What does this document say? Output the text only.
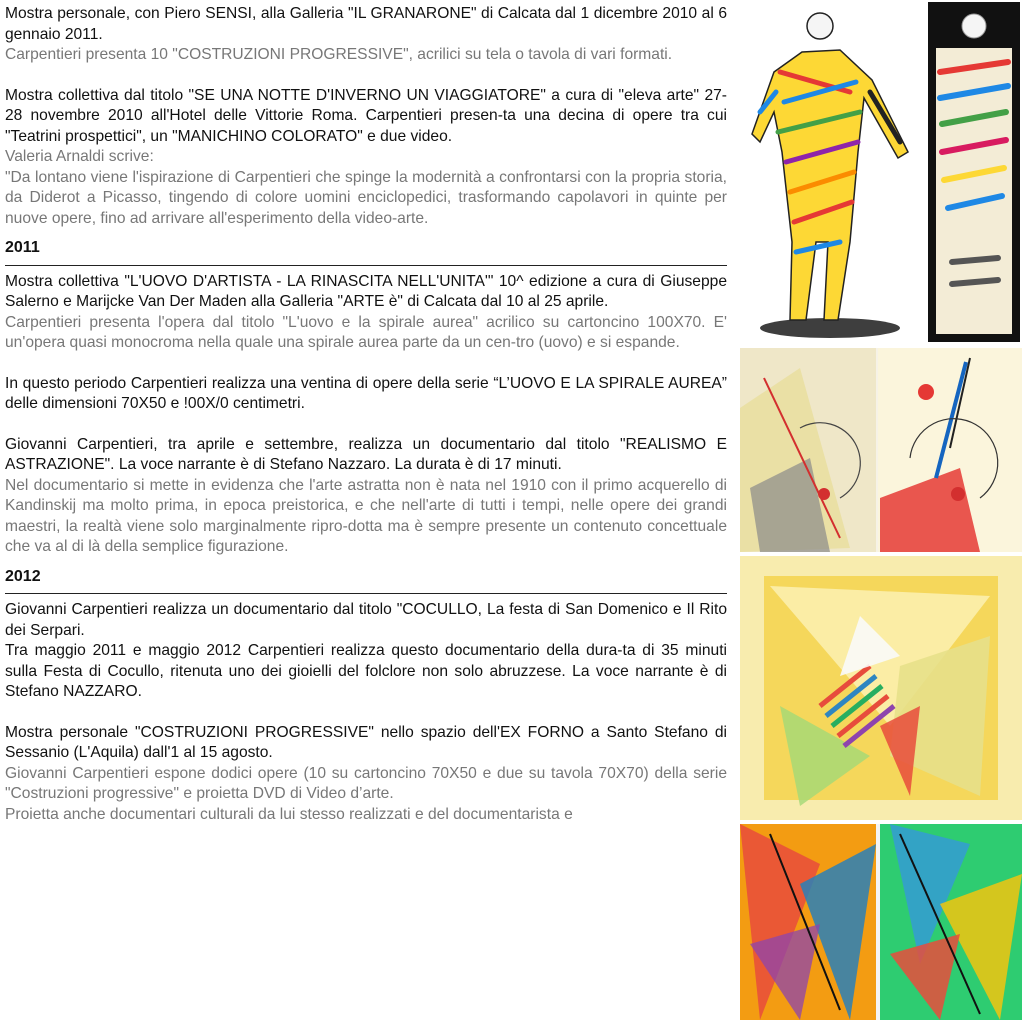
Mostra personale, con Piero SENSI, alla Galleria "IL GRANARONE" di Calcata dal 1 dicembre 2010 al 6 gennaio 2011.

Carpentieri presenta 10 "COSTRUZIONI PROGRESSIVE", acrilici su tela o tavola di vari formati.

Mostra collettiva dal titolo "SE UNA NOTTE D'INVERNO UN VIAGGIATORE" a cura di "eleva arte" 27-28 novembre 2010 all'Hotel delle Vittorie Roma. Carpentieri presen-ta una decina di opere tra cui "Teatrini prospettici", un "MANICHINO COLORATO" e due video.

Valeria Arnaldi scrive:

"Da lontano viene l'ispirazione di Carpentieri che spinge la modernità a confrontarsi con la propria storia, da Diderot a Picasso, tingendo di colore uomini enciclopedici, trasformando capolavori in quinte per nuove opere, fino ad arrivare all'esperimento della video-arte.

2011

Mostra collettiva "L'UOVO D'ARTISTA - LA RINASCITA NELL'UNITA'" 10^ edizione a cura di Giuseppe Salerno e Marijcke Van Der Maden alla Galleria "ARTE è" di Calcata dal 10 al 25 aprile.

Carpentieri presenta l'opera dal titolo "L'uovo e la spirale aurea" acrilico su cartoncino 100X70. E' un'opera quasi monocroma nella quale una spirale aurea parte da un cen-tro (uovo) e si espande.

In questo periodo Carpentieri realizza una ventina di opere della serie “L’UOVO E LA SPIRALE AUREA” delle dimensioni 70X50 e !00X/0 centimetri.

Giovanni Carpentieri, tra aprile e settembre, realizza un documentario dal titolo "REALISMO E ASTRAZIONE". La voce narrante è di Stefano Nazzaro. La durata è di 17 minuti.

Nel documentario si mette in evidenza che l'arte astratta non è nata nel 1910 con il primo acquerello di Kandinskij ma molto prima, in epoca preistorica, e che nell'arte di tutti i tempi, nelle opere dei grandi maestri, la realtà viene solo marginalmente ripro-dotta ma è sempre presente un contenuto concettuale che va al di là della semplice figurazione.

2012

Giovanni Carpentieri realizza un documentario dal titolo "COCULLO, La festa di San Domenico e Il Rito dei Serpari.

Tra maggio 2011 e maggio 2012 Carpentieri realizza questo documentario della dura-ta di 35 minuti sulla Festa di Cocullo, ritenuta uno dei gioielli del folclore non solo abruzzese. La voce narrante è di Stefano NAZZARO.

Mostra personale "COSTRUZIONI PROGRESSIVE" nello spazio dell'EX FORNO a Santo Stefano di Sessanio (L'Aquila) dall'1 al 15 agosto.

Giovanni Carpentieri espone dodici opere (10 su cartoncino 70X50 e due su tavola 70X70) della serie "Costruzioni progressive" e proietta DVD di Video d’arte.

Proietta anche documentari culturali da lui stesso realizzati e del documentarista e
